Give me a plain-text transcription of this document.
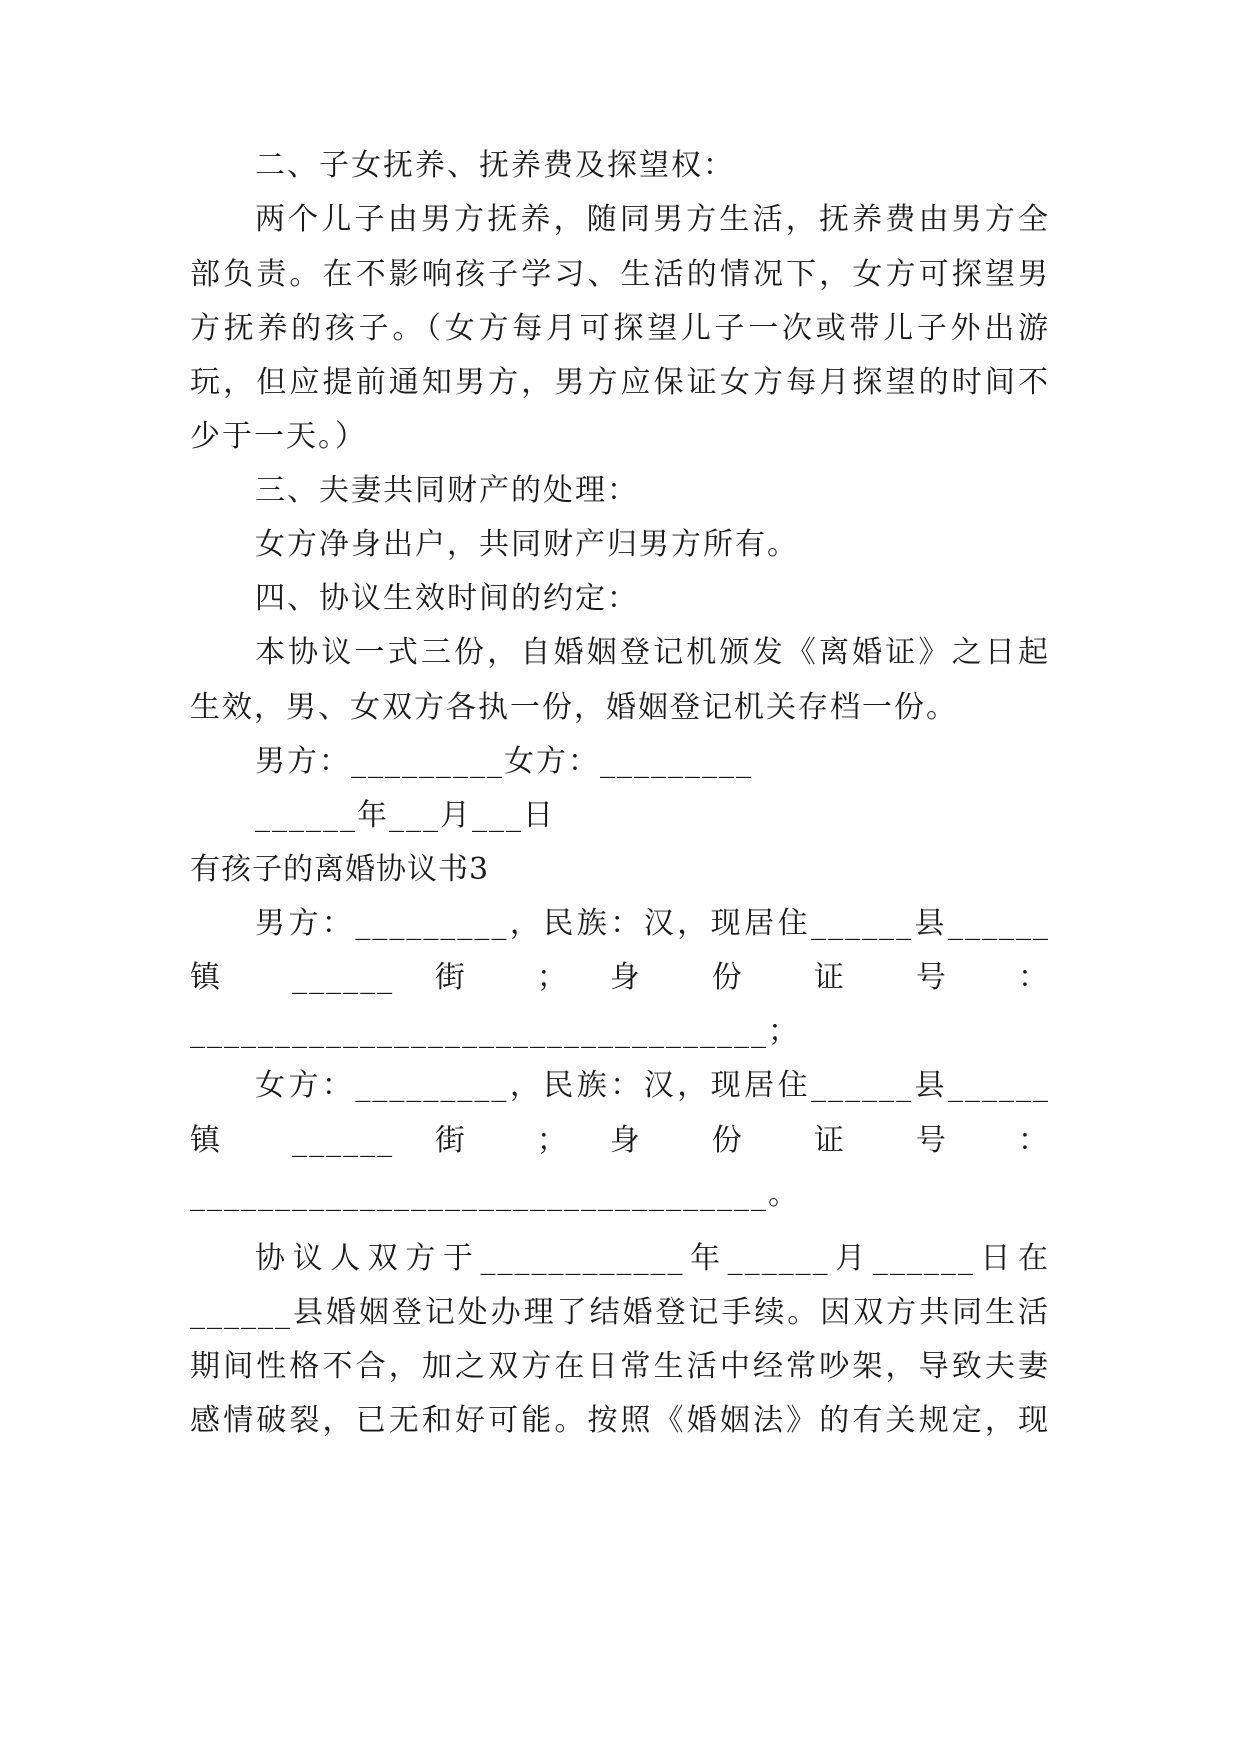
二、子女抚养、抚养费及探望权：
两个儿子由男方抚养，随同男方生活，抚养费由男方全
部负责。在不影响孩子学习、生活的情况下，女方可探望男
方抚养的孩子。（女方每月可探望儿子一次或带儿子外出游
玩，但应提前通知男方，男方应保证女方每月探望的时间不
少于一天。）
三、夫妻共同财产的处理：
女方净身出户，共同财产归男方所有。
四、协议生效时间的约定：
本协议一式三份，自婚姻登记机颁发《离婚证》之日起
生效，男、女双方各执一份，婚姻登记机关存档一份。
男方：_________女方：_________
______年___月___日
有孩子的离婚协议书3
男方：_________，民族：汉，现居住______县______
镇 ______ 街 ； 身 份 证 号 ：
__________________________________；
女方：_________，民族：汉，现居住______县______
镇 ______ 街 ； 身 份 证 号 ：
__________________________________。
协议人双方于____________年______月______日在
______县婚姻登记处办理了结婚登记手续。因双方共同生活
期间性格不合，加之双方在日常生活中经常吵架，导致夫妻
感情破裂，已无和好可能。按照《婚姻法》的有关规定，现
